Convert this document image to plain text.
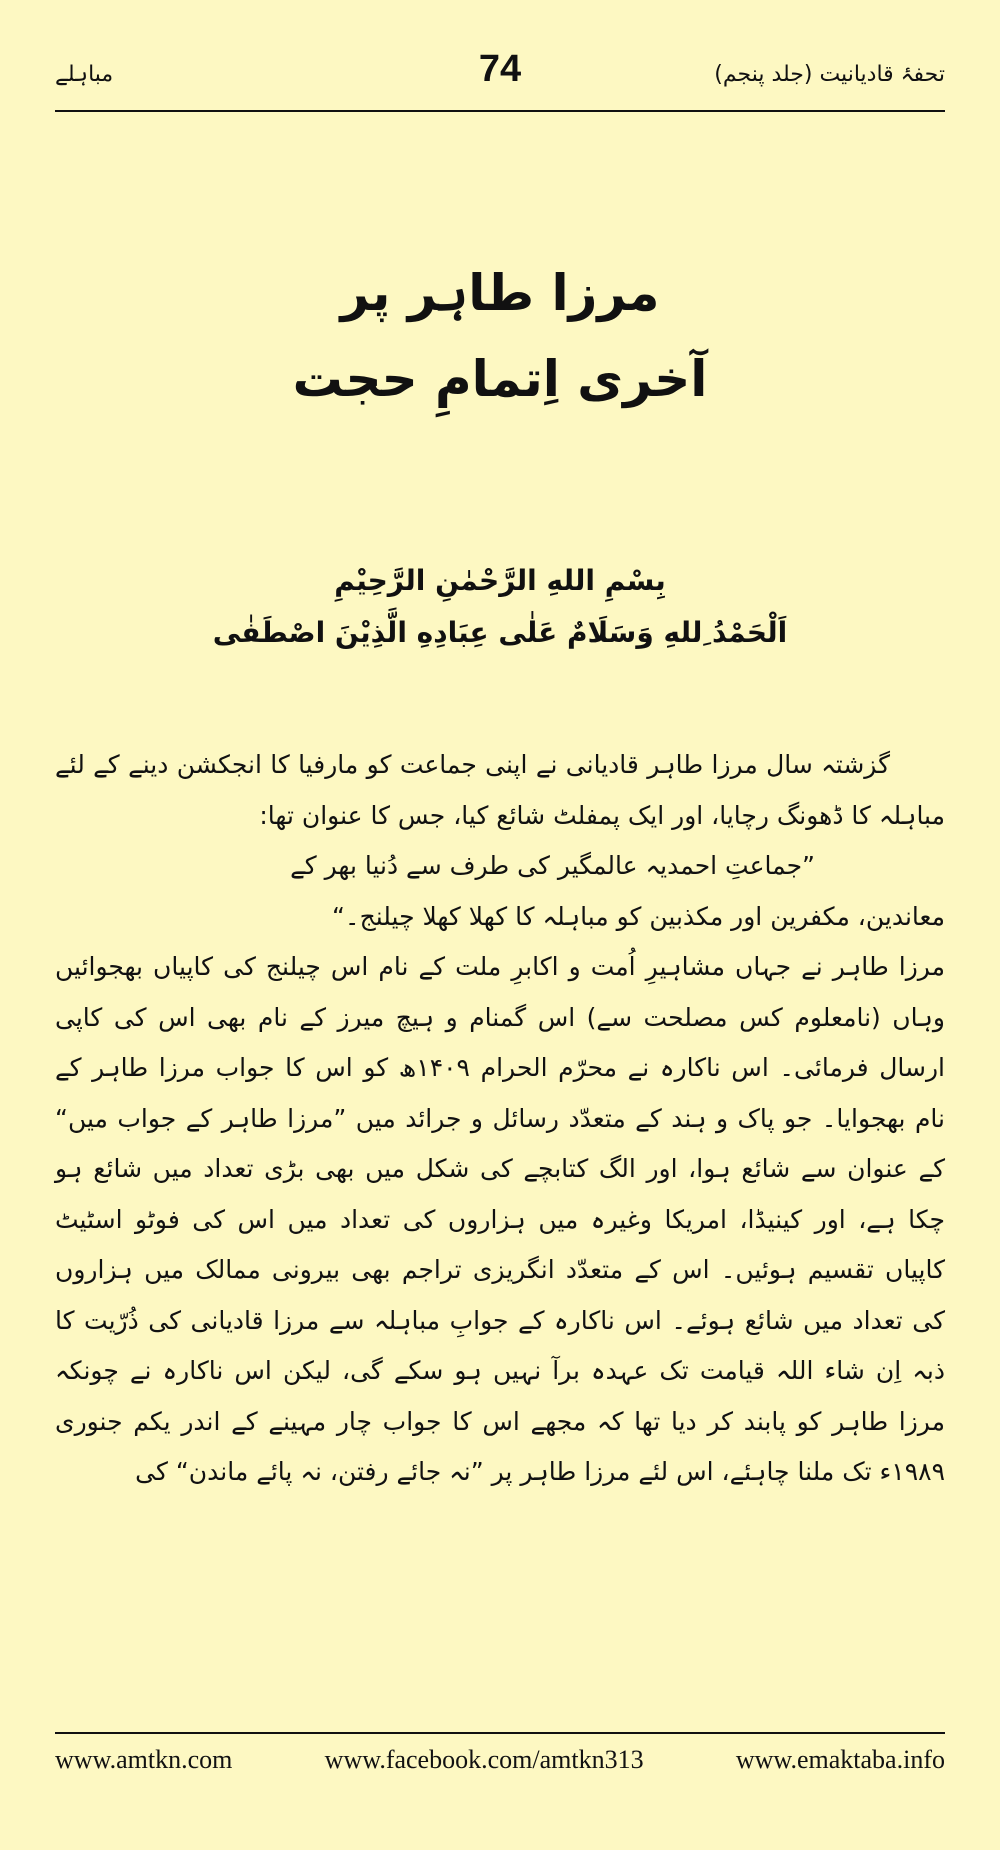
مباہلے	74	تحفۂ قادیانیت (جلد پنجم)
مرزا طاہر پر
آخری اِتمامِ حجت
بِسْمِ اللهِ الرَّحْمٰنِ الرَّحِیْمِ
اَلْحَمْدُ ِللهِ وَسَلَامٌ عَلٰی عِبَادِهِ الَّذِیْنَ اصْطَفٰی

گزشتہ سال مرزا طاہر قادیانی نے اپنی جماعت کو مارفیا کا انجکشن دینے کے لئے مباہلہ کا ڈھونگ رچایا، اور ایک پمفلٹ شائع کیا، جس کا عنوان تھا:

”جماعتِ احمدیہ عالمگیر کی طرف سے دُنیا بھر کے

معاندین، مکفرین اور مکذبین کو مباہلہ کا کھلا کھلا چیلنج۔“

مرزا طاہر نے جہاں مشاہیرِ اُمت و اکابرِ ملت کے نام اس چیلنج کی کاپیاں بھجوائیں وہاں (نامعلوم کس مصلحت سے) اس گمنام و ہیچ میرز کے نام بھی اس کی کاپی ارسال فرمائی۔ اس ناکارہ نے محرّم الحرام ۱۴۰۹ھ کو اس کا جواب مرزا طاہر کے نام بھجوایا۔ جو پاک و ہند کے متعدّد رسائل و جرائد میں ”مرزا طاہر کے جواب میں“ کے عنوان سے شائع ہوا، اور الگ کتابچے کی شکل میں بھی بڑی تعداد میں شائع ہو چکا ہے، اور کینیڈا، امریکا وغیرہ میں ہزاروں کی تعداد میں اس کی فوٹو اسٹیٹ کاپیاں تقسیم ہوئیں۔ اس کے متعدّد انگریزی تراجم بھی بیرونی ممالک میں ہزاروں کی تعداد میں شائع ہوئے۔ اس ناکارہ کے جوابِ مباہلہ سے مرزا قادیانی کی ذُرّیت کا ذبہ اِن شاء اللہ قیامت تک عہدہ برآ نہیں ہو سکے گی، لیکن اس ناکارہ نے چونکہ مرزا طاہر کو پابند کر دیا تھا کہ مجھے اس کا جواب چار مہینے کے اندر یکم جنوری ۱۹۸۹ء تک ملنا چاہئے، اس لئے مرزا طاہر پر ”نہ جائے رفتن، نہ پائے ماندن“ کی

www.amtkn.com	www.facebook.com/amtkn313	www.emaktaba.info
